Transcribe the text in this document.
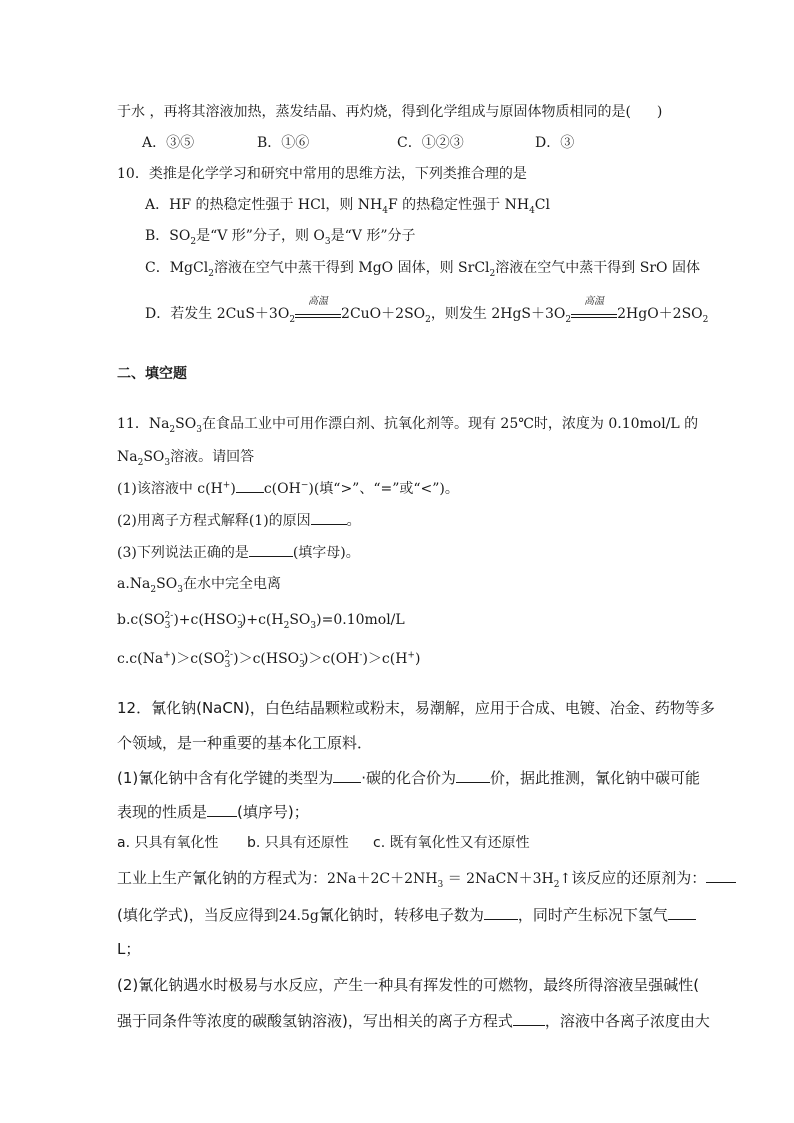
于水 ，再将其溶液加热，蒸发结晶、再灼烧，得到化学组成与原固体物质相同的是( )
A．③⑤	B．①⑥	C．①②③	D．③
10．类推是化学学习和研究中常用的思维方法，下列类推合理的是
A．HF 的热稳定性强于 HCl，则 $NH_4F$ 的热稳定性强于 $NH_4Cl$
B．$SO_2$是“V 形”分子，则 $O_3$是“V 形”分子
C．MgCl$_2$溶液在空气中蒸干得到 MgO 固体，则 SrCl$_2$溶液在空气中蒸干得到 SrO 固体
D．若发生 $2CuS+3O_2$
高温
$2CuO+2SO_2$，则发生 $2HgS+3O_2$
高温
$2HgO+2SO_2$
二、填空题
11．$Na_2SO_3$在食品工业中可用作漂白剂、抗氧化剂等。现有 25℃时，浓度为 0.10mol/L 的
$Na_2SO_3$溶液。请回答
(1)该溶液中 c(H+) c(OH−)(填“>”、“=”或“<”)。
(2)用离子方程式解释(1)的原因	。
(3)下列说法正确的是	(填字母)。
$a.Na_2SO_3$在水中完全电离
$b.c(SO_3^{2-})+c(HSO_3^-)+c(H_2SO_3)=0.10mol/L$
$c.c(Na^+)>c(SO_3^{2-})>c(HSO_3^-)>c(OH^-)>c(H^+)$
12．氰化钠(NaCN)，白色结晶颗粒或粉末，易潮解，应用于合成、电镀、冶金、药物等多
个领域，是一种重要的基本化工原料．
(1)氰化钠中含有化学键的类型为 ·碳的化合价为 价，据此推测，氰化钠中碳可能
表现的性质是 (填序号)；
a. 只具有氧化性 b. 只具有还原性 c. 既有氧化性又有还原性
工业上生产氰化钠的方程式为：$2Na+2C+2NH_3$ ＝ $2NaCN+3H_2↑$该反应的还原剂为：
(填化学式)，当反应得到24.5g氰化钠时，转移电子数为 ，同时产生标况下氢气
L；
(2)氰化钠遇水时极易与水反应，产生一种具有挥发性的可燃物，最终所得溶液呈强碱性(
强于同条件等浓度的碳酸氢钠溶液)，写出相关的离子方程式 ，溶液中各离子浓度由大
